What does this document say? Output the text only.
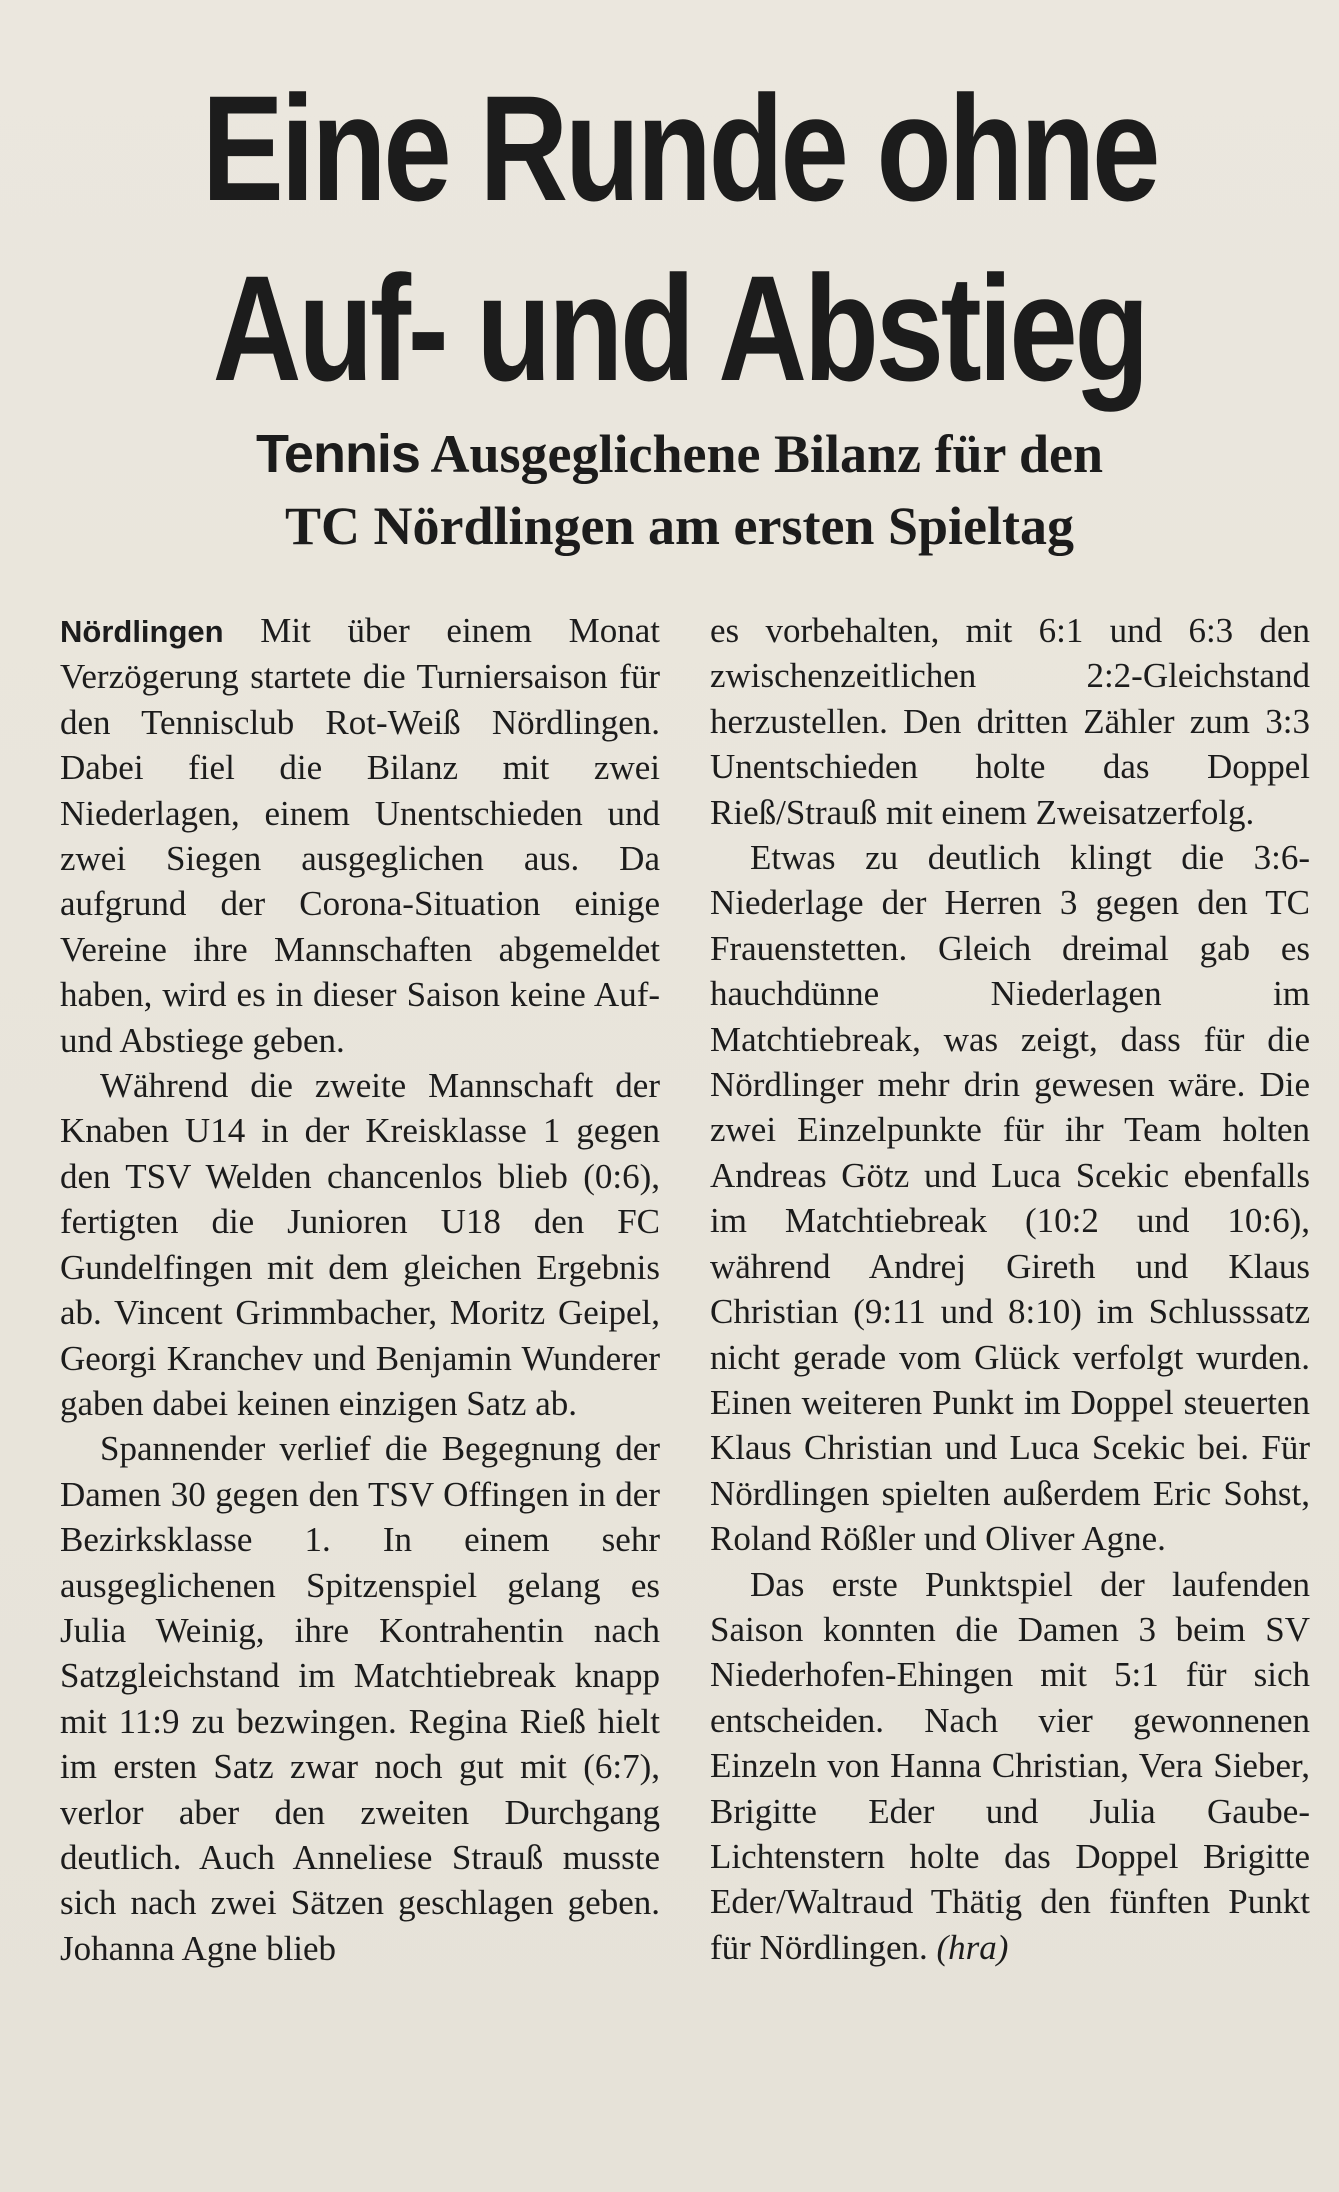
Eine Runde ohne
Auf- und Abstieg
Tennis Ausgeglichene Bilanz für den
TC Nördlingen am ersten Spieltag

Nördlingen Mit über einem Monat Verzögerung startete die Turniersaison für den Tennisclub Rot-Weiß Nördlingen. Dabei fiel die Bilanz mit zwei Niederlagen, einem Unentschieden und zwei Siegen ausgeglichen aus. Da aufgrund der Corona-Situation einige Vereine ihre Mannschaften abgemeldet haben, wird es in dieser Saison keine Auf- und Abstiege geben.

Während die zweite Mannschaft der Knaben U14 in der Kreisklasse 1 gegen den TSV Welden chancenlos blieb (0:6), fertigten die Junioren U18 den FC Gundelfingen mit dem gleichen Ergebnis ab. Vincent Grimmbacher, Moritz Geipel, Georgi Kranchev und Benjamin Wunderer gaben dabei keinen einzigen Satz ab.

Spannender verlief die Begegnung der Damen 30 gegen den TSV Offingen in der Bezirksklasse 1. In einem sehr ausgeglichenen Spitzenspiel gelang es Julia Weinig, ihre Kontrahentin nach Satzgleichstand im Matchtiebreak knapp mit 11:9 zu bezwingen. Regina Rieß hielt im ersten Satz zwar noch gut mit (6:7), verlor aber den zweiten Durchgang deutlich. Auch Anneliese Strauß musste sich nach zwei Sätzen geschlagen geben. Johanna Agne blieb

es vorbehalten, mit 6:1 und 6:3 den zwischenzeitlichen 2:2-Gleichstand herzustellen. Den dritten Zähler zum 3:3 Unentschieden holte das Doppel Rieß/Strauß mit einem Zweisatzerfolg.

Etwas zu deutlich klingt die 3:6-Niederlage der Herren 3 gegen den TC Frauenstetten. Gleich dreimal gab es hauchdünne Niederlagen im Matchtiebreak, was zeigt, dass für die Nördlinger mehr drin gewesen wäre. Die zwei Einzelpunkte für ihr Team holten Andreas Götz und Luca Scekic ebenfalls im Matchtiebreak (10:2 und 10:6), während Andrej Gireth und Klaus Christian (9:11 und 8:10) im Schlusssatz nicht gerade vom Glück verfolgt wurden. Einen weiteren Punkt im Doppel steuerten Klaus Christian und Luca Scekic bei. Für Nördlingen spielten außerdem Eric Sohst, Roland Rößler und Oliver Agne.

Das erste Punktspiel der laufenden Saison konnten die Damen 3 beim SV Niederhofen-Ehingen mit 5:1 für sich entscheiden. Nach vier gewonnenen Einzeln von Hanna Christian, Vera Sieber, Brigitte Eder und Julia Gaube-Lichtenstern holte das Doppel Brigitte Eder/Waltraud Thätig den fünften Punkt für Nördlingen. (hra)
